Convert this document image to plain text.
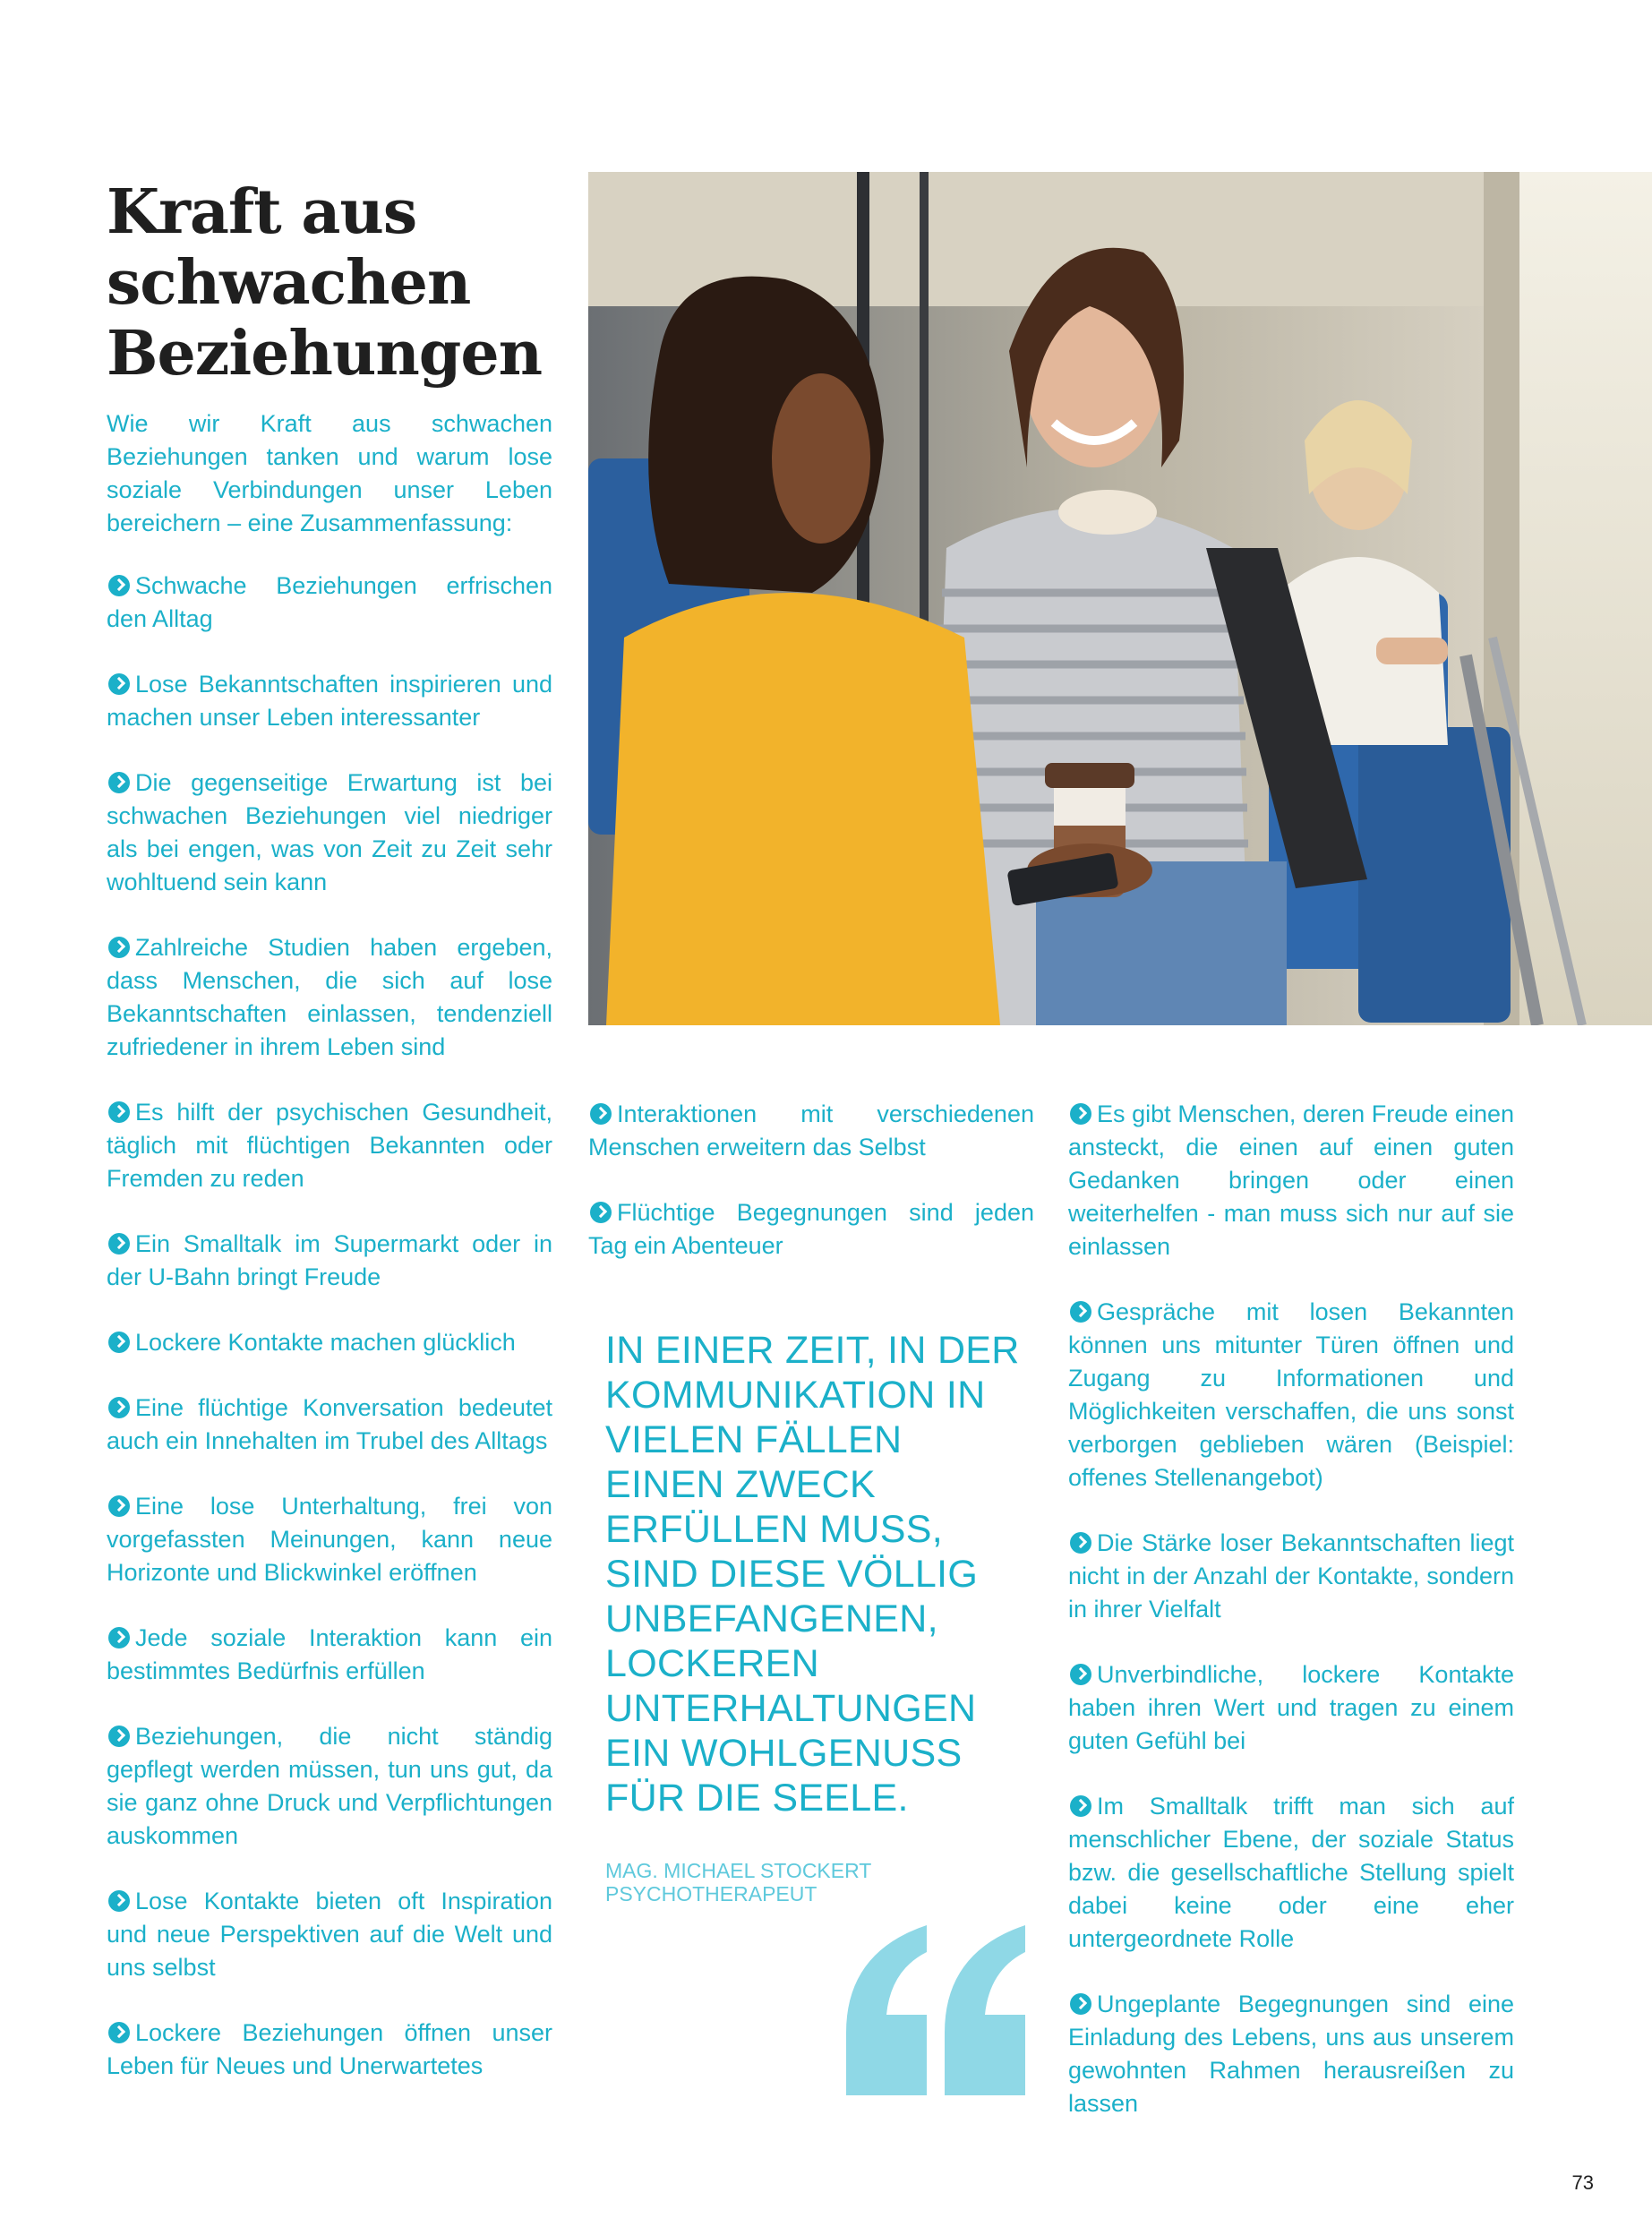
Kraft aus schwachen Beziehungen

Wie wir Kraft aus schwachen Beziehungen tanken und warum lose soziale Verbindungen unser Leben bereichern – eine Zusammenfassung:

Schwache Beziehungen erfrischen den Alltag
Lose Bekanntschaften inspirieren und machen unser Leben interessanter
Die gegenseitige Erwartung ist bei schwachen Beziehungen viel niedriger als bei engen, was von Zeit zu Zeit sehr wohltuend sein kann
Zahlreiche Studien haben ergeben, dass Menschen, die sich auf lose Bekanntschaften einlassen, tendenziell zufriedener in ihrem Leben sind
Es hilft der psychischen Gesundheit, täglich mit flüchtigen Bekannten oder Fremden zu reden
Ein Smalltalk im Supermarkt oder in der U-Bahn bringt Freude
Lockere Kontakte machen glücklich
Eine flüchtige Konversation bedeutet auch ein Innehalten im Trubel des Alltags
Eine lose Unterhaltung, frei von vorgefassten Meinungen, kann neue Horizonte und Blickwinkel eröffnen
Jede soziale Interaktion kann ein bestimmtes Bedürfnis erfüllen
Beziehungen, die nicht ständig gepflegt werden müssen, tun uns gut, da sie ganz ohne Druck und Verpflichtungen auskommen
Lose Kontakte bieten oft Inspiration und neue Perspektiven auf die Welt und uns selbst
Lockere Beziehungen öffnen unser Leben für Neues und Unerwartetes
Interaktionen mit verschiedenen Menschen erweitern das Selbst
Flüchtige Begegnungen sind jeden Tag ein Abenteuer
IN EINER ZEIT, IN DER KOMMUNIKATION IN VIELEN FÄLLEN EINEN ZWECK ERFÜLLEN MUSS, SIND DIESE VÖLLIG UNBEFANGENEN, LOCKEREN UNTERHALTUNGEN EIN WOHLGENUSS FÜR DIE SEELE.
MAG. MICHAEL STOCKERT
PSYCHOTHERAPEUT
Es gibt Menschen, deren Freude einen ansteckt, die einen auf einen guten Gedanken bringen oder einen weiterhelfen - man muss sich nur auf sie einlassen
Gespräche mit losen Bekannten können uns mitunter Türen öffnen und Zugang zu Informationen und Möglichkeiten verschaffen, die uns sonst verborgen geblieben wären (Beispiel: offenes Stellenangebot)
Die Stärke loser Bekanntschaften liegt nicht in der Anzahl der Kontakte, sondern in ihrer Vielfalt
Unverbindliche, lockere Kontakte haben ihren Wert und tragen zu einem guten Gefühl bei
Im Smalltalk trifft man sich auf menschlicher Ebene, der soziale Status bzw. die gesellschaftliche Stellung spielt dabei keine oder eine eher untergeordnete Rolle
Ungeplante Begegnungen sind eine Einladung des Lebens, uns aus unserem gewohnten Rahmen herausreißen zu lassen
73
